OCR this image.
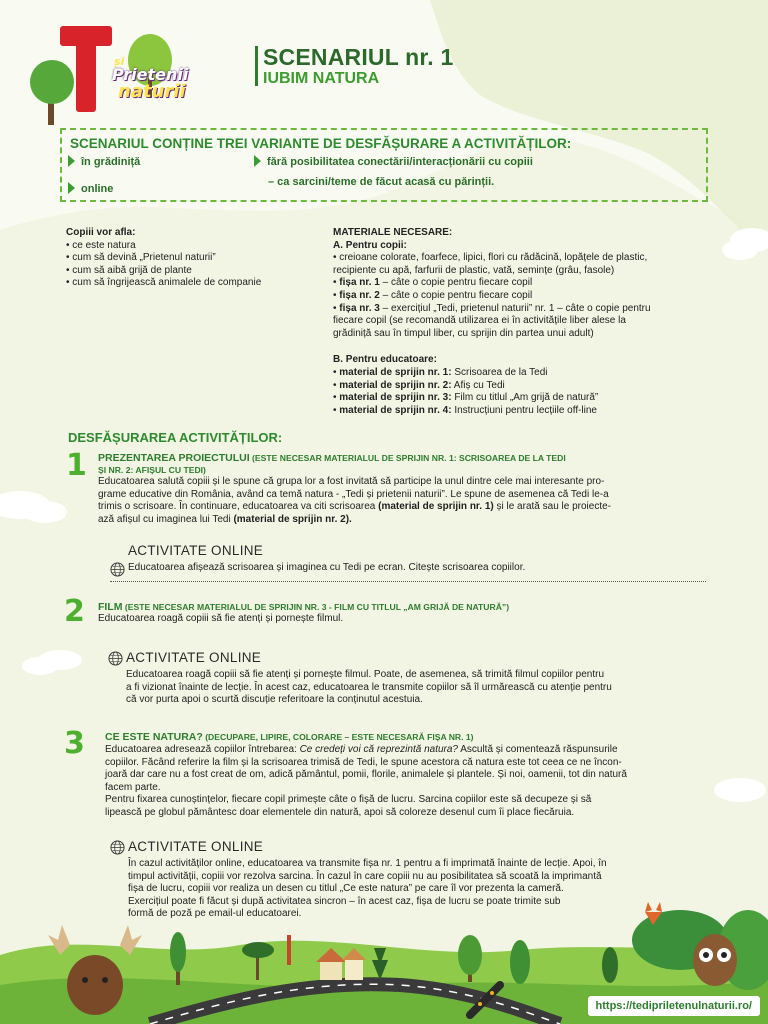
și
Prietenii
naturii
SCENARIUL nr. 1
IUBIM NATURA
SCENARIUL CONȚINE TREI VARIANTE DE DESFĂȘURARE A ACTIVITĂȚILOR:
în grădiniță
online
fără posibilitatea conectării/interacționării cu copiii
– ca sarcini/teme de făcut acasă cu părinții.
Copiii vor afla:
• ce este natura
• cum să devină „Prietenul naturii”
• cum să aibă grijă de plante
• cum să îngrijească animalele de companie
MATERIALE NECESARE:
A. Pentru copii:
• creioane colorate, foarfece, lipici, flori cu rădăcină, lopățele de plastic,
recipiente cu apă, farfurii de plastic, vată, semințe (grâu, fasole)
• fișa nr. 1 – câte o copie pentru fiecare copil
• fișa nr. 2 – câte o copie pentru fiecare copil
• fișa nr. 3 – exercițiul „Tedi, prietenul naturii” nr. 1 – câte o copie pentru
fiecare copil (se recomandă utilizarea ei în activitățile liber alese la
grădiniță sau în timpul liber, cu sprijin din partea unui adult)
B. Pentru educatoare:
• material de sprijin nr. 1: Scrisoarea de la Tedi
• material de sprijin nr. 2: Afiș cu Tedi
• material de sprijin nr. 3: Film cu titlul „Am grijă de natură”
• material de sprijin nr. 4: Instrucțiuni pentru lecțiile off-line
DESFĂȘURAREA ACTIVITĂȚILOR:
1 PREZENTAREA PROIECTULUI (ESTE NECESAR MATERIALUL DE SPRIJIN NR. 1: SCRISOAREA DE LA TEDI
ȘI NR. 2: AFIȘUL CU TEDI)
Educatoarea salută copiii și le spune că grupa lor a fost invitată să participe la unul dintre cele mai interesante pro-
grame educative din România, având ca temă natura - „Tedi și prietenii naturii”. Le spune de asemenea că Tedi le-a
trimis o scrisoare. În continuare, educatoarea va citi scrisoarea (material de sprijin nr. 1) și le arată sau le proiecte-
ază afișul cu imaginea lui Tedi (material de sprijin nr. 2).
ACTIVITATE ONLINE
Educatoarea afișează scrisoarea și imaginea cu Tedi pe ecran. Citește scrisoarea copiilor.
2 FILM (ESTE NECESAR MATERIALUL DE SPRIJIN NR. 3 - FILM CU TITLUL „AM GRIJĂ DE NATURĂ”)
Educatoarea roagă copiii să fie atenți și pornește filmul.
ACTIVITATE ONLINE
Educatoarea roagă copiii să fie atenți și pornește filmul. Poate, de asemenea, să trimită filmul copiilor pentru
a fi vizionat înainte de lecție. În acest caz, educatoarea le transmite copiilor să îl urmărească cu atenție pentru
că vor purta apoi o scurtă discuție referitoare la conținutul acestuia.
3 CE ESTE NATURA? (DECUPARE, LIPIRE, COLORARE – ESTE NECESARĂ FIȘA NR. 1)
Educatoarea adresează copiilor întrebarea: Ce credeți voi că reprezintă natura? Ascultă și comentează răspunsurile
copiilor. Făcând referire la film și la scrisoarea trimisă de Tedi, le spune acestora că natura este tot ceea ce ne încon-
joară dar care nu a fost creat de om, adică pământul, pomii, florile, animalele și plantele. Și noi, oamenii, tot din natură
facem parte.
Pentru fixarea cunoștințelor, fiecare copil primește câte o fișă de lucru. Sarcina copiilor este să decupeze și să
lipească pe globul pământesc doar elementele din natură, apoi să coloreze desenul cum îi place fiecăruia.
ACTIVITATE ONLINE
În cazul activităților online, educatoarea va transmite fișa nr. 1 pentru a fi imprimată înainte de lecție. Apoi, în
timpul activității, copiii vor rezolva sarcina. În cazul în care copiii nu au posibilitatea să scoată la imprimantă
fișa de lucru, copiii vor realiza un desen cu titlul „Ce este natura” pe care îl vor prezenta la cameră.
Exercițiul poate fi făcut și după activitatea sincron – în acest caz, fișa de lucru se poate trimite sub
formă de poză pe email-ul educatoarei.
https://tedipriletenulnaturii.ro/
